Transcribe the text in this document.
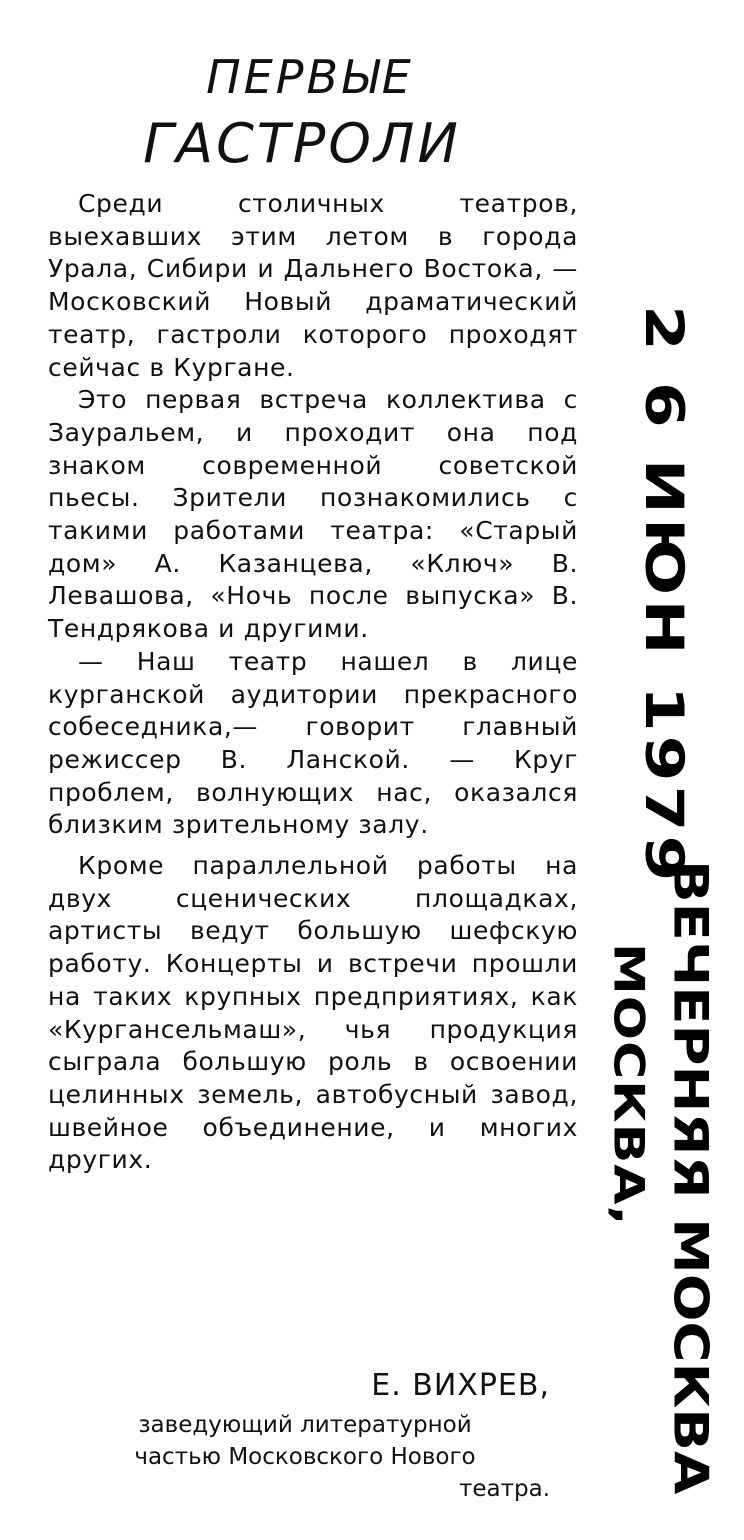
ПЕРВЫЕ
ГАСТРОЛИ

Среди столичных театров, выехавших этим летом в города Урала, Сибири и Дальнего Востока, — Московский Новый драматический театр, гастроли которого проходят сейчас в Кургане.

Это первая встреча коллектива с Зауральем, и проходит она под знаком современной советской пьесы. Зрители познакомились с такими работами театра: «Старый дом» А. Казанцева, «Ключ» В. Левашова, «Ночь после выпуска» В. Тендрякова и другими.

— Наш театр нашел в лице курганской аудитории прекрасного собеседника,— говорит главный режиссер В. Ланской. — Круг проблем, волнующих нас, оказался близким зрительному залу.

Кроме параллельной работы на двух сценических площадках, артисты ведут большую шефскую работу. Концерты и встречи прошли на таких крупных предприятиях, как «Кургансельмаш», чья продукция сыграла большую роль в освоении целинных земель, автобусный завод, швейное объединение, и многих других.

Е. ВИХРЕВ,

заведующий литературной
частью Московского Нового
театра.

2 6 ИЮН 1979
МОСКВА, ВЕЧЕРНЯЯ МОСКВА
